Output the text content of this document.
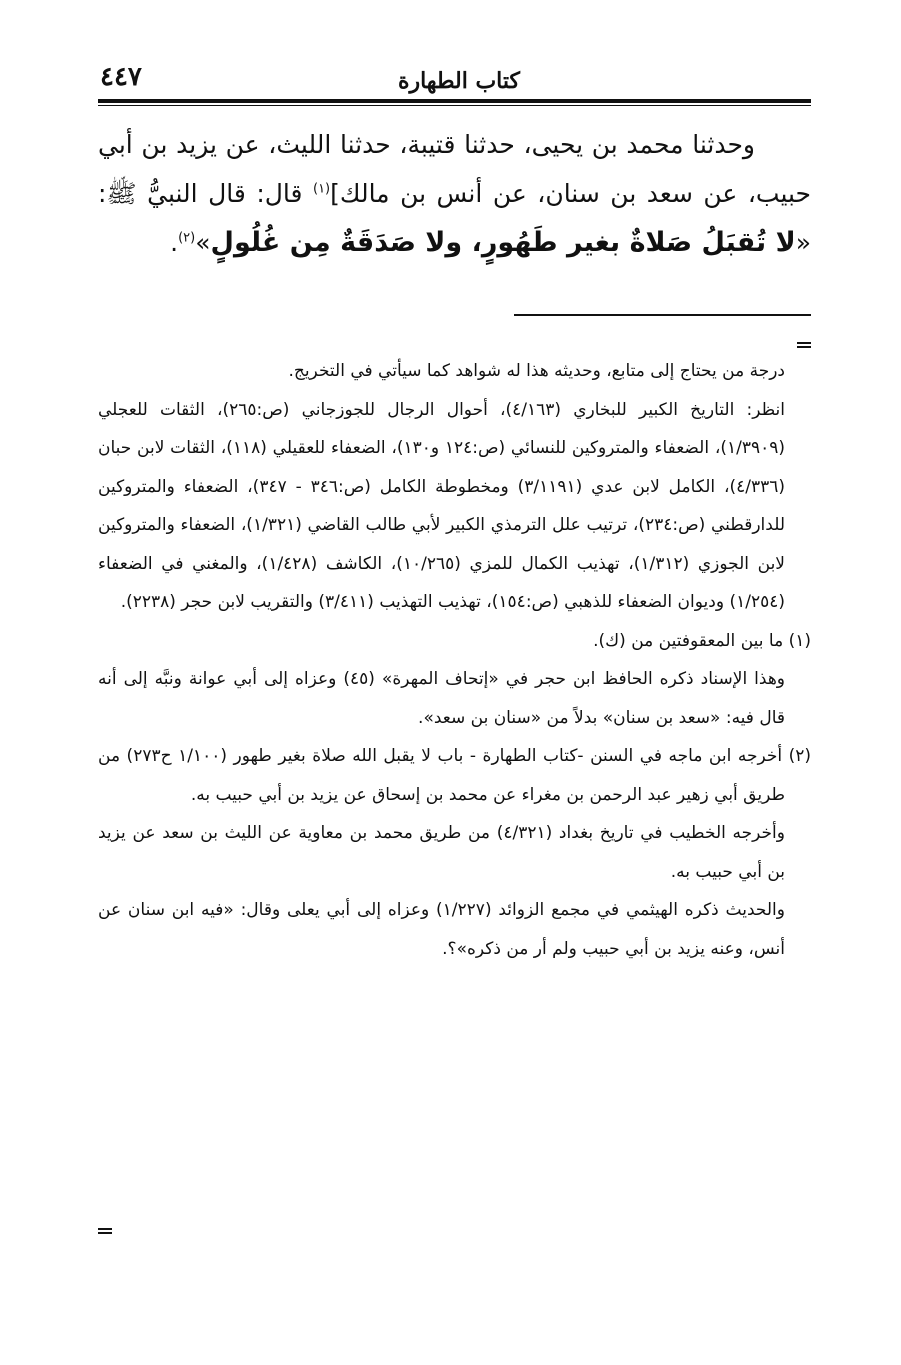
كتاب الطهارة
٤٤٧

وحدثنا محمد بن يحيى، حدثنا قتيبة، حدثنا الليث، عن يزيد بن أبي حبيب، عن سعد بن سنان، عن أنس بن مالك]$^{(١)}$ قال: قال النبيُّ ﷺ: «لا تُقبَلُ صَلاةٌ بغير طَهُورٍ، ولا صَدَقَةٌ مِن غُلُولٍ»$^{(٢)}$.

درجة من يحتاج إلى متابع، وحديثه هذا له شواهد كما سيأتي في التخريج.

انظر: التاريخ الكبير للبخاري (٤/١٦٣)، أحوال الرجال للجوزجاني (ص:٢٦٥)، الثقات للعجلي (١/٣٩٠٩)، الضعفاء والمتروكين للنسائي (ص:١٢٤ و١٣٠)، الضعفاء للعقيلي (١١٨)، الثقات لابن حبان (٤/٣٣٦)، الكامل لابن عدي (٣/١١٩١) ومخطوطة الكامل (ص:٣٤٦ - ٣٤٧)، الضعفاء والمتروكين للدارقطني (ص:٢٣٤)، ترتيب علل الترمذي الكبير لأبي طالب القاضي (١/٣٢١)، الضعفاء والمتروكين لابن الجوزي (١/٣١٢)، تهذيب الكمال للمزي (١٠/٢٦٥)، الكاشف (١/٤٢٨)، والمغني في الضعفاء (١/٢٥٤) وديوان الضعفاء للذهبي (ص:١٥٤)، تهذيب التهذيب (٣/٤١١) والتقريب لابن حجر (٢٢٣٨).

(١) ما بين المعقوفتين من (ك).

وهذا الإسناد ذكره الحافظ ابن حجر في «إتحاف المهرة» (٤٥) وعزاه إلى أبي عوانة ونبَّه إلى أنه قال فيه: «سعد بن سنان» بدلاً من «سنان بن سعد».

(٢) أخرجه ابن ماجه في السنن -كتاب الطهارة - باب لا يقبل الله صلاة بغير طهور (١/١٠٠ ح٢٧٣) من طريق أبي زهير عبد الرحمن بن مغراء عن محمد بن إسحاق عن يزيد بن أبي حبيب به.

وأخرجه الخطيب في تاريخ بغداد (٤/٣٢١) من طريق محمد بن معاوية عن الليث بن سعد عن يزيد بن أبي حبيب به.

والحديث ذكره الهيثمي في مجمع الزوائد (١/٢٢٧) وعزاه إلى أبي يعلى وقال: «فيه ابن سنان عن أنس، وعنه يزيد بن أبي حبيب ولم أر من ذكره»؟.
